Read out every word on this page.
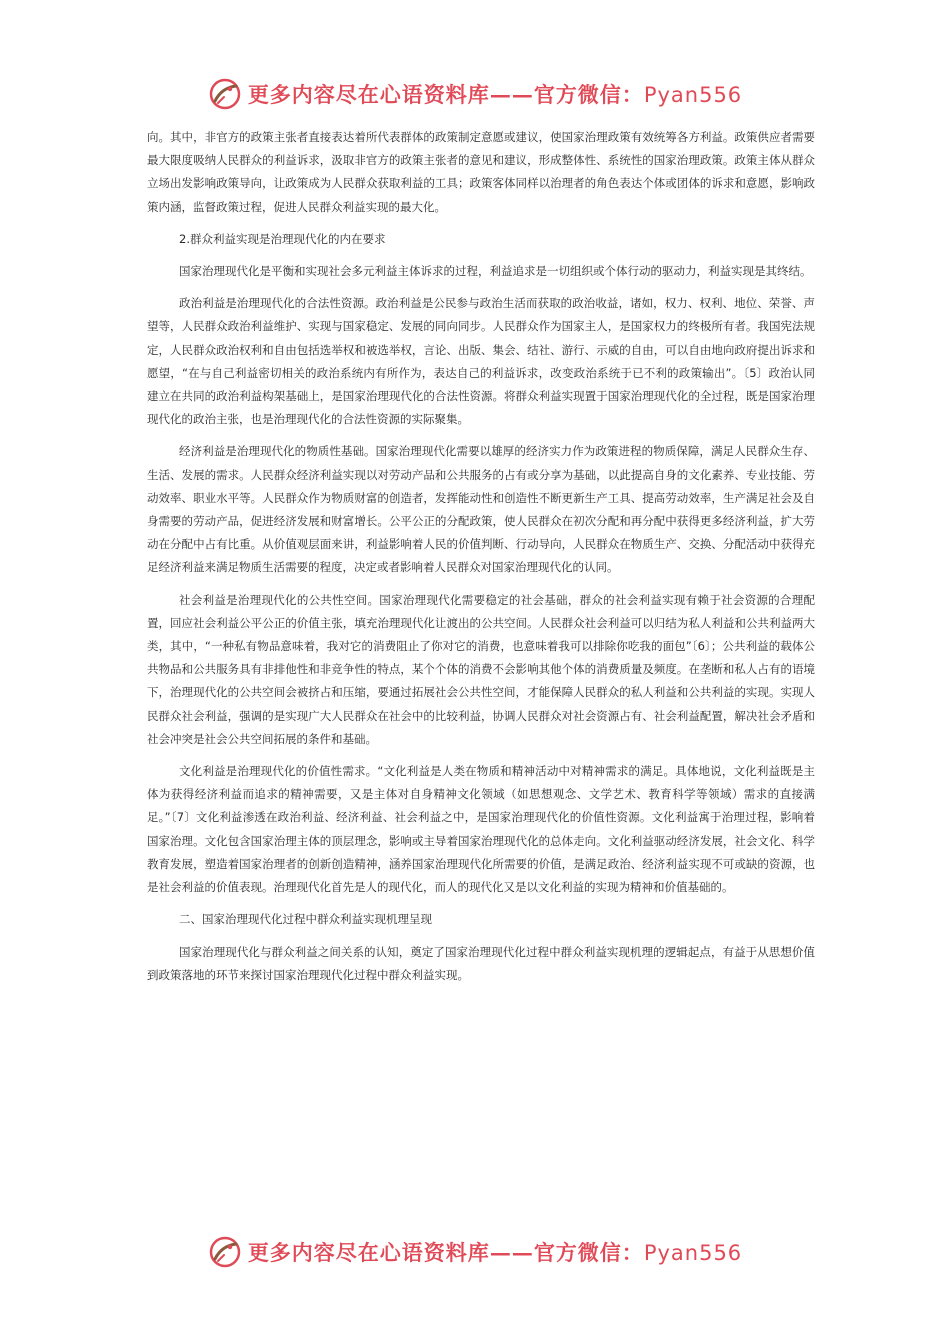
更多内容尽在心语资料库——官方微信：Pyan556

向。其中，非官方的政策主张者直接表达着所代表群体的政策制定意愿或建议，使国家治理政策有效统筹各方利益。政策供应者需要最大限度吸纳人民群众的利益诉求，汲取非官方的政策主张者的意见和建议，形成整体性、系统性的国家治理政策。政策主体从群众立场出发影响政策导向，让政策成为人民群众获取利益的工具；政策客体同样以治理者的角色表达个体或团体的诉求和意愿，影响政策内涵，监督政策过程，促进人民群众利益实现的最大化。

2.群众利益实现是治理现代化的内在要求

国家治理现代化是平衡和实现社会多元利益主体诉求的过程，利益追求是一切组织或个体行动的驱动力，利益实现是其终结。

政治利益是治理现代化的合法性资源。政治利益是公民参与政治生活而获取的政治收益，诸如，权力、权利、地位、荣誉、声望等，人民群众政治利益维护、实现与国家稳定、发展的同向同步。人民群众作为国家主人，是国家权力的终极所有者。我国宪法规定，人民群众政治权利和自由包括选举权和被选举权，言论、出版、集会、结社、游行、示威的自由，可以自由地向政府提出诉求和愿望，“在与自己利益密切相关的政治系统内有所作为，表达自己的利益诉求，改变政治系统于已不利的政策输出”。〔5〕政治认同建立在共同的政治利益构架基础上，是国家治理现代化的合法性资源。将群众利益实现置于国家治理现代化的全过程，既是国家治理现代化的政治主张，也是治理现代化的合法性资源的实际聚集。

经济利益是治理现代化的物质性基础。国家治理现代化需要以雄厚的经济实力作为政策进程的物质保障，满足人民群众生存、生活、发展的需求。人民群众经济利益实现以对劳动产品和公共服务的占有或分享为基础，以此提高自身的文化素养、专业技能、劳动效率、职业水平等。人民群众作为物质财富的创造者，发挥能动性和创造性不断更新生产工具、提高劳动效率，生产满足社会及自身需要的劳动产品，促进经济发展和财富增长。公平公正的分配政策，使人民群众在初次分配和再分配中获得更多经济利益，扩大劳动在分配中占有比重。从价值观层面来讲，利益影响着人民的价值判断、行动导向，人民群众在物质生产、交换、分配活动中获得充足经济利益来满足物质生活需要的程度，决定或者影响着人民群众对国家治理现代化的认同。

社会利益是治理现代化的公共性空间。国家治理现代化需要稳定的社会基础，群众的社会利益实现有赖于社会资源的合理配置，回应社会利益公平公正的价值主张，填充治理现代化让渡出的公共空间。人民群众社会利益可以归结为私人利益和公共利益两大类，其中，“一种私有物品意味着，我对它的消费阻止了你对它的消费，也意味着我可以排除你吃我的面包”〔6〕；公共利益的载体公共物品和公共服务具有非排他性和非竞争性的特点，某个个体的消费不会影响其他个体的消费质量及频度。在垄断和私人占有的语境下，治理现代化的公共空间会被挤占和压缩，要通过拓展社会公共性空间，才能保障人民群众的私人利益和公共利益的实现。实现人民群众社会利益，强调的是实现广大人民群众在社会中的比较利益，协调人民群众对社会资源占有、社会利益配置，解决社会矛盾和社会冲突是社会公共空间拓展的条件和基础。

文化利益是治理现代化的价值性需求。“文化利益是人类在物质和精神活动中对精神需求的满足。具体地说，文化利益既是主体为获得经济利益而追求的精神需要，又是主体对自身精神文化领域（如思想观念、文学艺术、教育科学等领域）需求的直接满足。”〔7〕文化利益渗透在政治利益、经济利益、社会利益之中，是国家治理现代化的价值性资源。文化利益寓于治理过程，影响着国家治理。文化包含国家治理主体的顶层理念，影响或主导着国家治理现代化的总体走向。文化利益驱动经济发展，社会文化、科学教育发展，塑造着国家治理者的创新创造精神，涵养国家治理现代化所需要的价值，是满足政治、经济利益实现不可或缺的资源，也是社会利益的价值表现。治理现代化首先是人的现代化，而人的现代化又是以文化利益的实现为精神和价值基础的。

二、国家治理现代化过程中群众利益实现机理呈现

国家治理现代化与群众利益之间关系的认知，奠定了国家治理现代化过程中群众利益实现机理的逻辑起点，有益于从思想价值到政策落地的环节来探讨国家治理现代化过程中群众利益实现。

更多内容尽在心语资料库——官方微信：Pyan556
